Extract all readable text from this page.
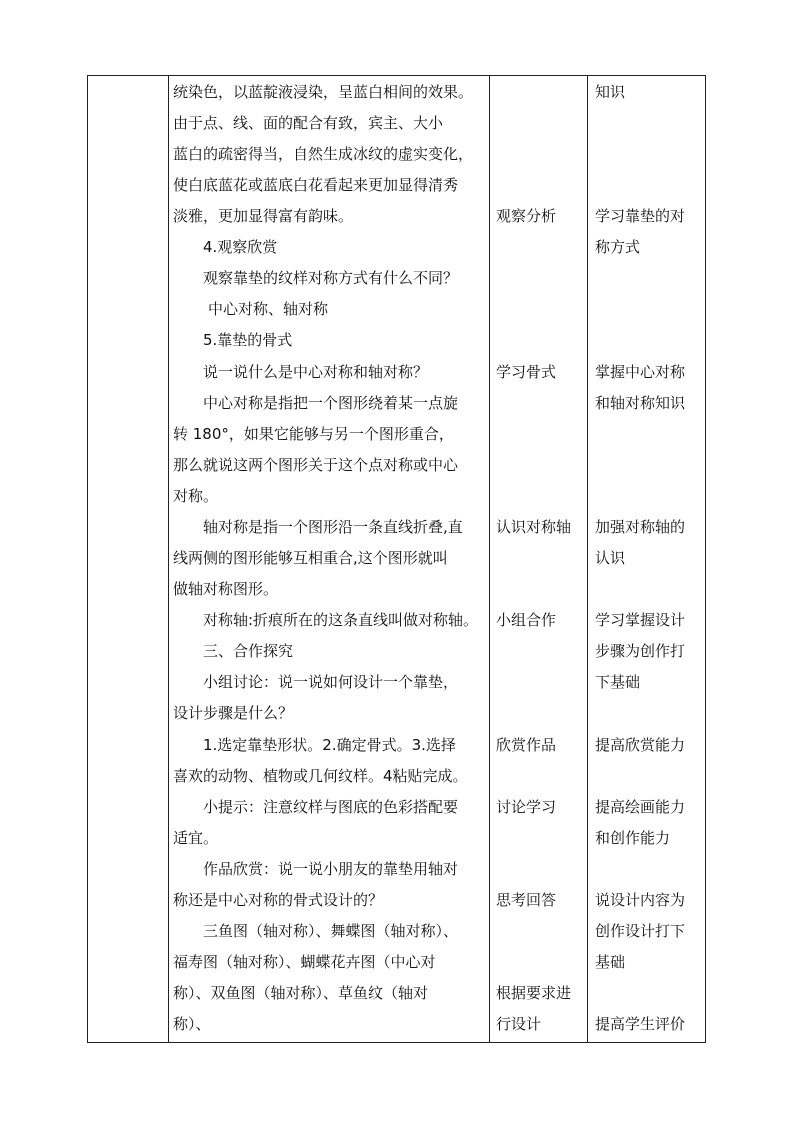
统染色，以蓝靛液浸染，呈蓝白相间的效果。
由于点、线、面的配合有致，宾主、大小
蓝白的疏密得当，自然生成冰纹的虚实变化，
使白底蓝花或蓝底白花看起来更加显得清秀
淡雅，更加显得富有韵味。
4.观察欣赏
观察靠垫的纹样对称方式有什么不同？
中心对称、轴对称
5.靠垫的骨式
说一说什么是中心对称和轴对称？
中心对称是指把一个图形绕着某一点旋
转 180°，如果它能够与另一个图形重合，
那么就说这两个图形关于这个点对称或中心
对称。
轴对称是指一个图形沿一条直线折叠,直
线两侧的图形能够互相重合,这个图形就叫
做轴对称图形。
对称轴:折痕所在的这条直线叫做对称轴。
三、合作探究
小组讨论：说一说如何设计一个靠垫，
设计步骤是什么？
1.选定靠垫形状。2.确定骨式。3.选择
喜欢的动物、植物或几何纹样。4粘贴完成。
小提示：注意纹样与图底的色彩搭配要
适宜。
作品欣赏：说一说小朋友的靠垫用轴对
称还是中心对称的骨式设计的？
三鱼图（轴对称）、舞蝶图（轴对称）、
福寿图（轴对称）、蝴蝶花卉图（中心对
称）、双鱼图（轴对称）、草鱼纹（轴对
称）、
观察分析
学习骨式
认识对称轴
小组合作
欣赏作品
讨论学习
思考回答
根据要求进
行设计
知识
学习靠垫的对
称方式
掌握中心对称
和轴对称知识
加强对称轴的
认识
学习掌握设计
步骤为创作打
下基础
提高欣赏能力
提高绘画能力
和创作能力
说设计内容为
创作设计打下
基础
提高学生评价
